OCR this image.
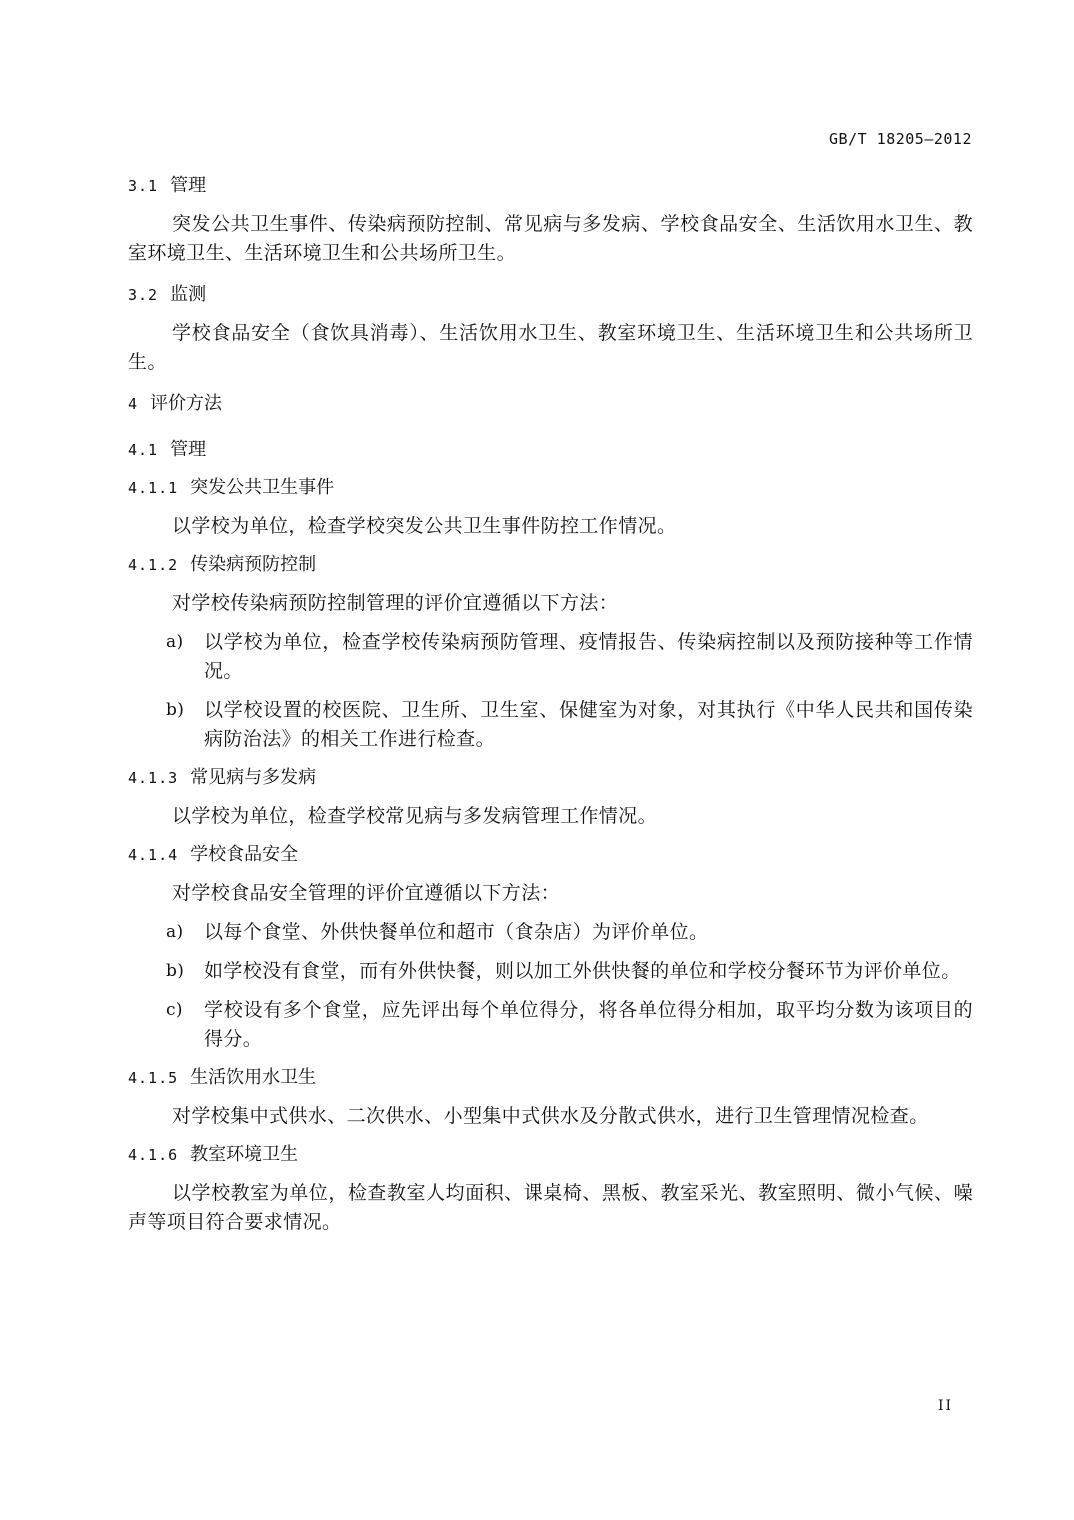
GB/T 18205—2012

3.1 管理

突发公共卫生事件、传染病预防控制、常见病与多发病、学校食品安全、生活饮用水卫生、教室环境卫生、生活环境卫生和公共场所卫生。

3.2 监测

学校食品安全（食饮具消毒）、生活饮用水卫生、教室环境卫生、生活环境卫生和公共场所卫生。

4 评价方法

4.1 管理

4.1.1 突发公共卫生事件

以学校为单位，检查学校突发公共卫生事件防控工作情况。

4.1.2 传染病预防控制

对学校传染病预防控制管理的评价宜遵循以下方法：

a) 以学校为单位，检查学校传染病预防管理、疫情报告、传染病控制以及预防接种等工作情况。

b) 以学校设置的校医院、卫生所、卫生室、保健室为对象，对其执行《中华人民共和国传染病防治法》的相关工作进行检查。

4.1.3 常见病与多发病

以学校为单位，检查学校常见病与多发病管理工作情况。

4.1.4 学校食品安全

对学校食品安全管理的评价宜遵循以下方法：

a) 以每个食堂、外供快餐单位和超市（食杂店）为评价单位。

b) 如学校没有食堂，而有外供快餐，则以加工外供快餐的单位和学校分餐环节为评价单位。

c) 学校设有多个食堂，应先评出每个单位得分，将各单位得分相加，取平均分数为该项目的得分。

4.1.5 生活饮用水卫生

对学校集中式供水、二次供水、小型集中式供水及分散式供水，进行卫生管理情况检查。

4.1.6 教室环境卫生

以学校教室为单位，检查教室人均面积、课桌椅、黑板、教室采光、教室照明、微小气候、噪声等项目符合要求情况。

II
